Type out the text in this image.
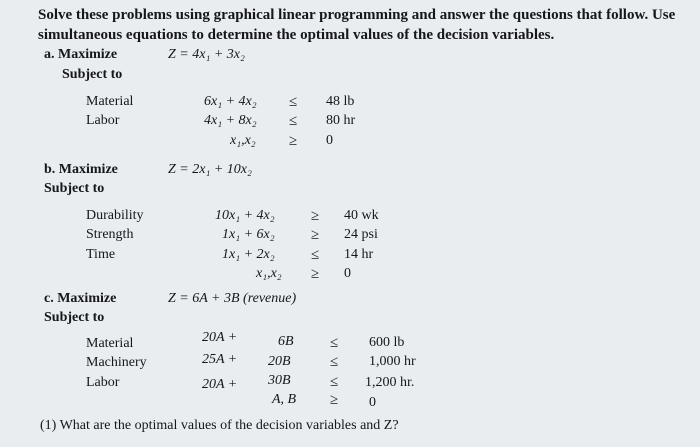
Solve these problems using graphical linear programming and answer the questions that follow. Use
simultaneous equations to determine the optimal values of the decision variables.
a. Maximize	Z = 4x₁ + 3x₂
Subject to
Material	6x₁ + 4x₂ ≤ 48 lb
Labor	4x₁ + 8x₂ ≤ 80 hr
x₁,x₂ ≥ 0
b. Maximize	Z = 2x₁ + 10x₂
Subject to
Durability	10x₁ + 4x₂ ≥ 40 wk
Strength	1x₁ + 6x₂ ≥ 24 psi
Time	1x₁ + 2x₂ ≤ 14 hr
x₁,x₂ ≥ 0
c. Maximize	Z = 6A + 3B (revenue)
Subject to
Material	20A +	6B ≤ 600 lb
Machinery	25A + 20B	≤ 1,000 hr
Labor	20A + 30B	≤ 1,200 hr.
A, B ≥ 0
(1) What are the optimal values of the decision variables and Z?
